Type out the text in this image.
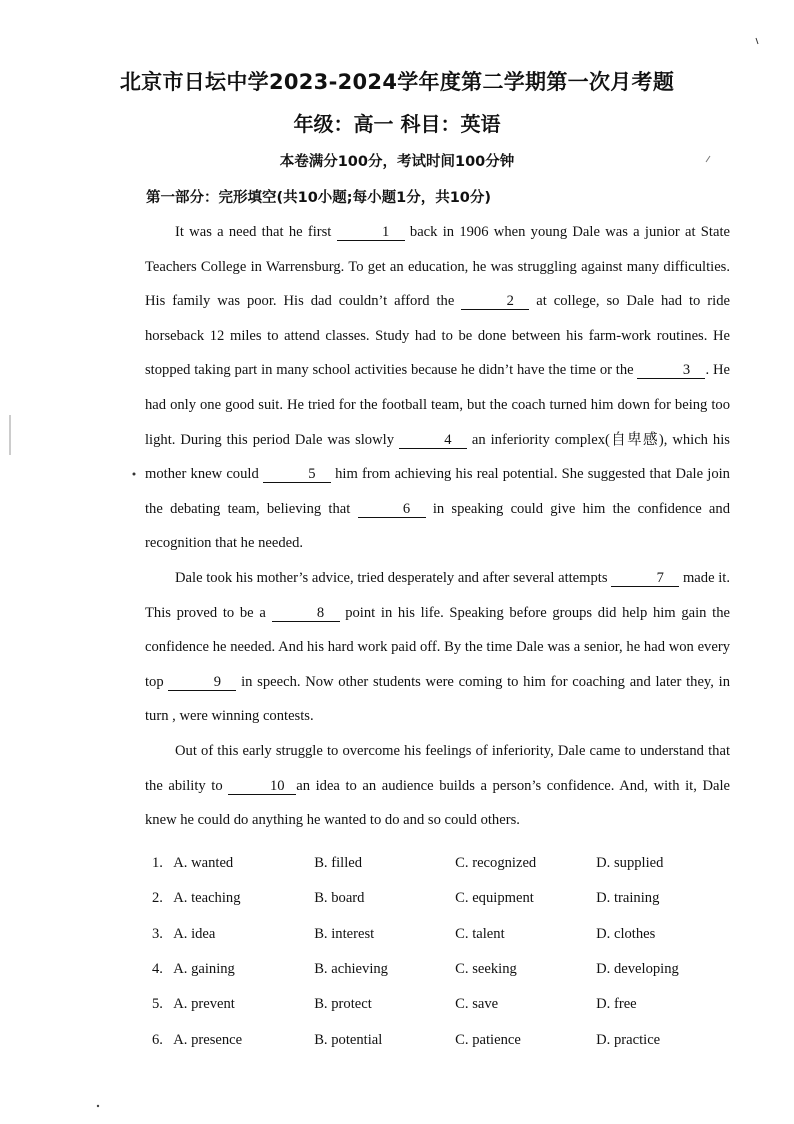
北京市日坛中学2023-2024学年度第二学期第一次月考题
年级：高一 科目：英语
本卷满分100分，考试时间100分钟
第一部分：完形填空(共10小题;每小题1分，共10分)

It was a need that he first	1 back in 1906 when young Dale was a junior at State Teachers College in Warrensburg. To get an education, he was struggling against many difficulties. His family was poor. His dad couldn’t afford the	2 at college, so Dale had to ride horseback 12 miles to attend classes. Study had to be done between his farm-work routines. He stopped taking part in many school activities because he didn’t have the time or the	3 . He had only one good suit. He tried for the football team, but the coach turned him down for being too light. During this period Dale was slowly	4 an inferiority complex(自卑感), which his mother knew could	5 him from achieving his real potential. She suggested that Dale join the debating team, believing that	6 in speaking could give him the confidence and recognition that he needed.

Dale took his mother’s advice, tried desperately and after several attempts	7 made it. This proved to be a	8 point in his life. Speaking before groups did help him gain the confidence he needed. And his hard work paid off. By the time Dale was a senior, he had won every top	9 in speech. Now other students were coming to him for coaching and later they, in turn , were winning contests.

Out of this early struggle to overcome his feelings of inferiority, Dale came to understand that the ability to	10 an idea to an audience builds a person’s confidence. And, with it, Dale knew he could do anything he wanted to do and so could others.

1. A. wanted	B. filled	C. recognized	D. supplied
2. A. teaching	B. board	C. equipment	D. training
3. A. idea	B. interest	C. talent	D. clothes
4. A. gaining	B. achieving	C. seeking	D. developing
5. A. prevent	B. protect	C. save	D. free
6. A. presence	B. potential	C. patience	D. practice
